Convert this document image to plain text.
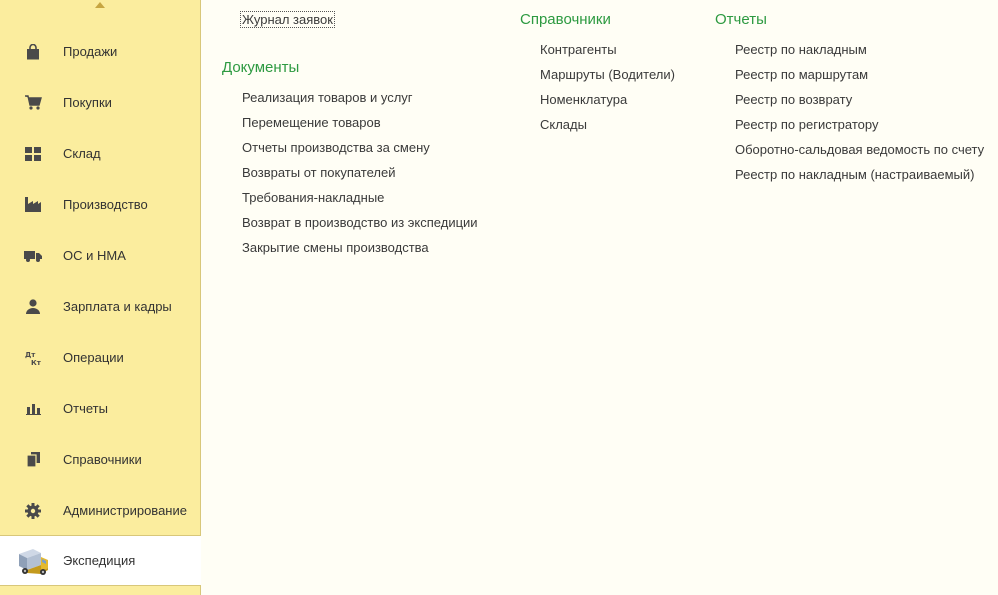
Продажи
Покупки
Склад
Производство
ОС и НМА
Зарплата и кадры
Дт
Кт Операции
Отчеты
Справочники
Администрирование
Экспедиция
Журнал заявок
Документы
Реализация товаров и услуг
Перемещение товаров
Отчеты производства за смену
Возвраты от покупателей
Требования-накладные
Возврат в производство из экспедиции
Закрытие смены производства
Справочники
Контрагенты
Маршруты (Водители)
Номенклатура
Склады
Отчеты
Реестр по накладным
Реестр по маршрутам
Реестр по возврату
Реестр по регистратору
Оборотно-сальдовая ведомость по счету
Реестр по накладным (настраиваемый)
